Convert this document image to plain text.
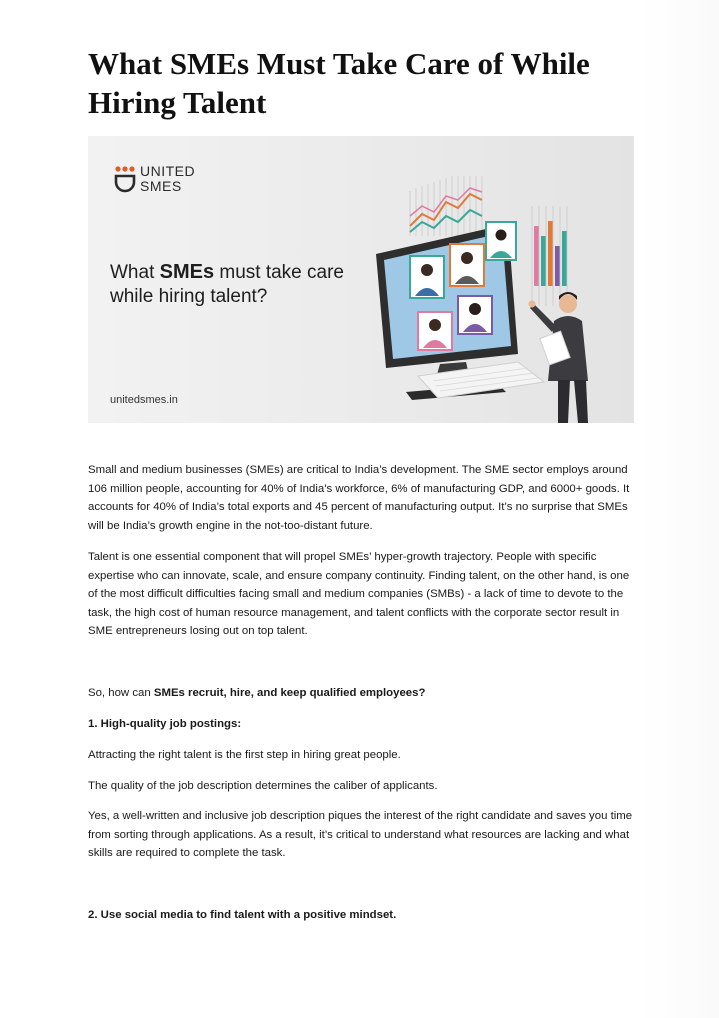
What SMEs Must Take Care of While Hiring Talent
UNITED SMES
What SMEs must take care while hiring talent?
unitedsmes.in

Small and medium businesses (SMEs) are critical to India’s development. The SME sector employs around 106 million people, accounting for 40% of India’s workforce, 6% of manufacturing GDP, and 6000+ goods. It accounts for 40% of India’s total exports and 45 percent of manufacturing output. It’s no surprise that SMEs will be India’s growth engine in the not-too-distant future.

Talent is one essential component that will propel SMEs’ hyper-growth trajectory. People with specific expertise who can innovate, scale, and ensure company continuity. Finding talent, on the other hand, is one of the most difficult difficulties facing small and medium companies (SMBs) - a lack of time to devote to the task, the high cost of human resource management, and talent conflicts with the corporate sector result in SME entrepreneurs losing out on top talent.

So, how can SMEs recruit, hire, and keep qualified employees?

1. High-quality job postings:

Attracting the right talent is the first step in hiring great people.

The quality of the job description determines the caliber of applicants.

Yes, a well-written and inclusive job description piques the interest of the right candidate and saves you time from sorting through applications. As a result, it’s critical to understand what resources are lacking and what skills are required to complete the task.

2. Use social media to find talent with a positive mindset.
